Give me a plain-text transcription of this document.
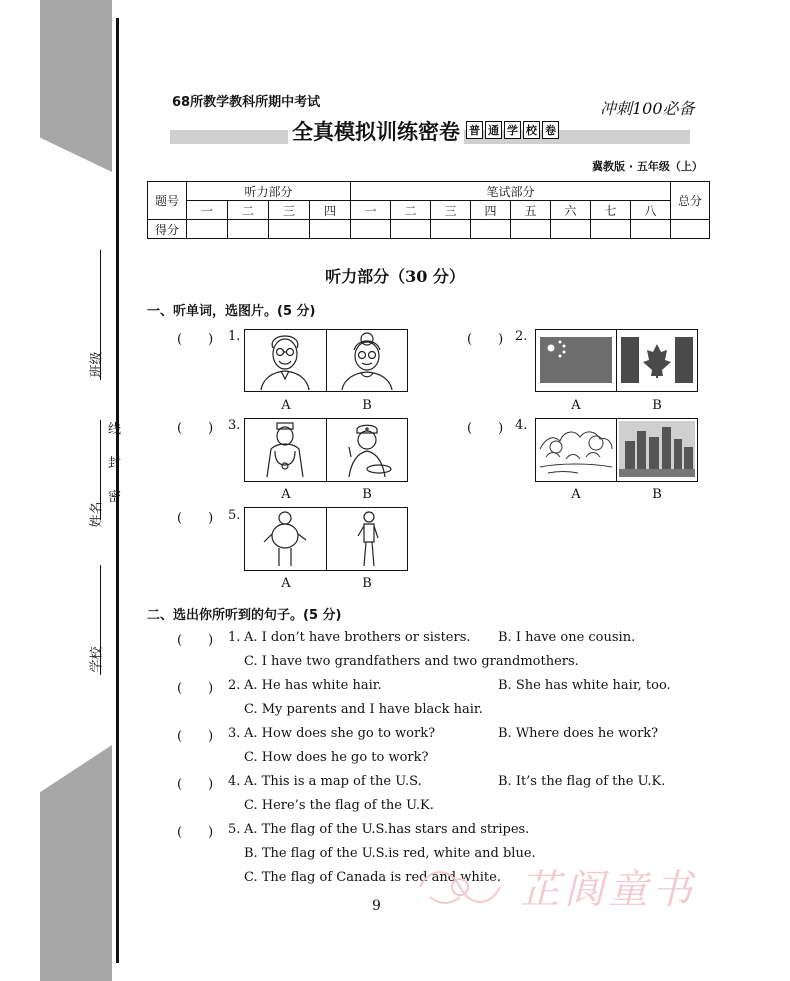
班级
姓名
学校
线
封
密
68所教学教科所期中考试	冲刺100必备
全真模拟训练密卷 普 通 学 校 卷
冀教版 · 五年级（上）
题号	听力部分				笔试部分								总分
	一	二	三	四	一	二	三	四	五	六	七	八	
得分													
听力部分（30 分）
一、听单词，选图片。(5 分)
(　　) 1.
A	B
(　　) 2.
A	B
(　　) 3.
A	B
(　　) 4.
A	B
(　　) 5.
A	B
二、选出你所听到的句子。(5 分)
(　　) 1. A. I don’t have brothers or sisters. B. I have one cousin.
C. I have two grandfathers and two grandmothers.
(　　) 2. A. He has white hair.	B. She has white hair, too.
C. My parents and I have black hair.
(　　) 3. A. How does she go to work?	B. Where does he work?
C. How does he go to work?
(　　) 4. A. This is a map of the U.S.	B. It’s the flag of the U.K.
C. Here’s the flag of the U.K.
(　　) 5. A. The flag of the U.S.has stars and stripes.
B. The flag of the U.S.is red, white and blue.
C. The flag of Canada is red and white.
9	芷阆童书
